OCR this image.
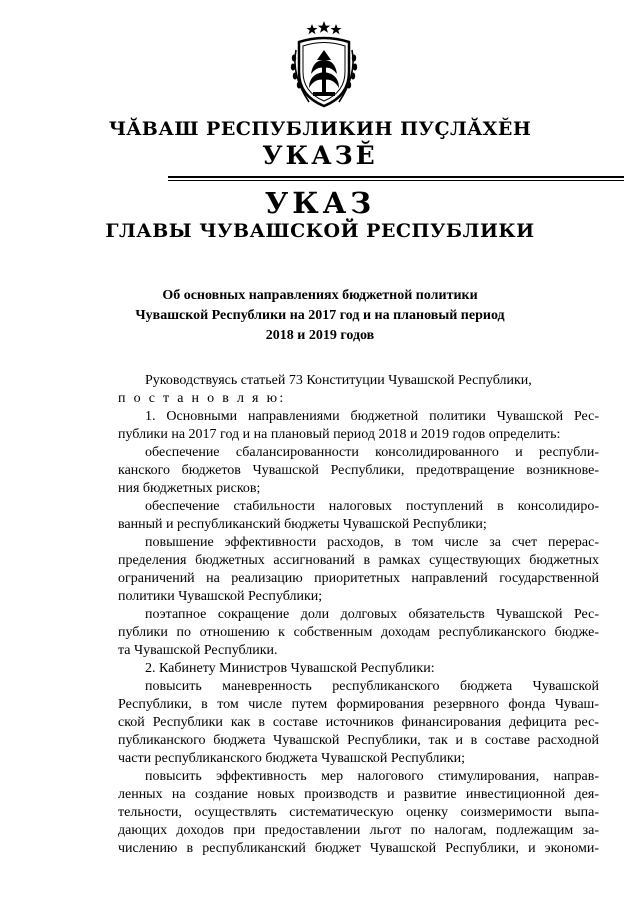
ЧĂВАШ РЕСПУБЛИКИН ПУÇЛĂХĔН
УКАЗĔ
УКАЗ
ГЛАВЫ ЧУВАШСКОЙ РЕСПУБЛИКИ
Об основных направлениях бюджетной политики
Чувашской Республики на 2017 год и на плановый период
2018 и 2019 годов
Руководствуясь статьей 73 Конституции Чувашской Республики,
п о с т а н о в л я ю:
1. Основными направлениями бюджетной политики Чувашской Рес-
публики на 2017 год и на плановый период 2018 и 2019 годов определить:
обеспечение сбалансированности консолидированного и республи-
канского бюджетов Чувашской Республики, предотвращение возникнове-
ния бюджетных рисков;
обеспечение стабильности налоговых поступлений в консолидиро-
ванный и республиканский бюджеты Чувашской Республики;
повышение эффективности расходов, в том числе за счет перерас-
пределения бюджетных ассигнований в рамках существующих бюджетных
ограничений на реализацию приоритетных направлений государственной
политики Чувашской Республики;
поэтапное сокращение доли долговых обязательств Чувашской Рес-
публики по отношению к собственным доходам республиканского бюдже-
та Чувашской Республики.
2. Кабинету Министров Чувашской Республики:
повысить маневренность республиканского бюджета Чувашской
Республики, в том числе путем формирования резервного фонда Чуваш-
ской Республики как в составе источников финансирования дефицита рес-
публиканского бюджета Чувашской Республики, так и в составе расходной
части республиканского бюджета Чувашской Республики;
повысить эффективность мер налогового стимулирования, направ-
ленных на создание новых производств и развитие инвестиционной дея-
тельности, осуществлять систематическую оценку соизмеримости выпа-
дающих доходов при предоставлении льгот по налогам, подлежащим за-
числению в республиканский бюджет Чувашской Республики, и экономи-
